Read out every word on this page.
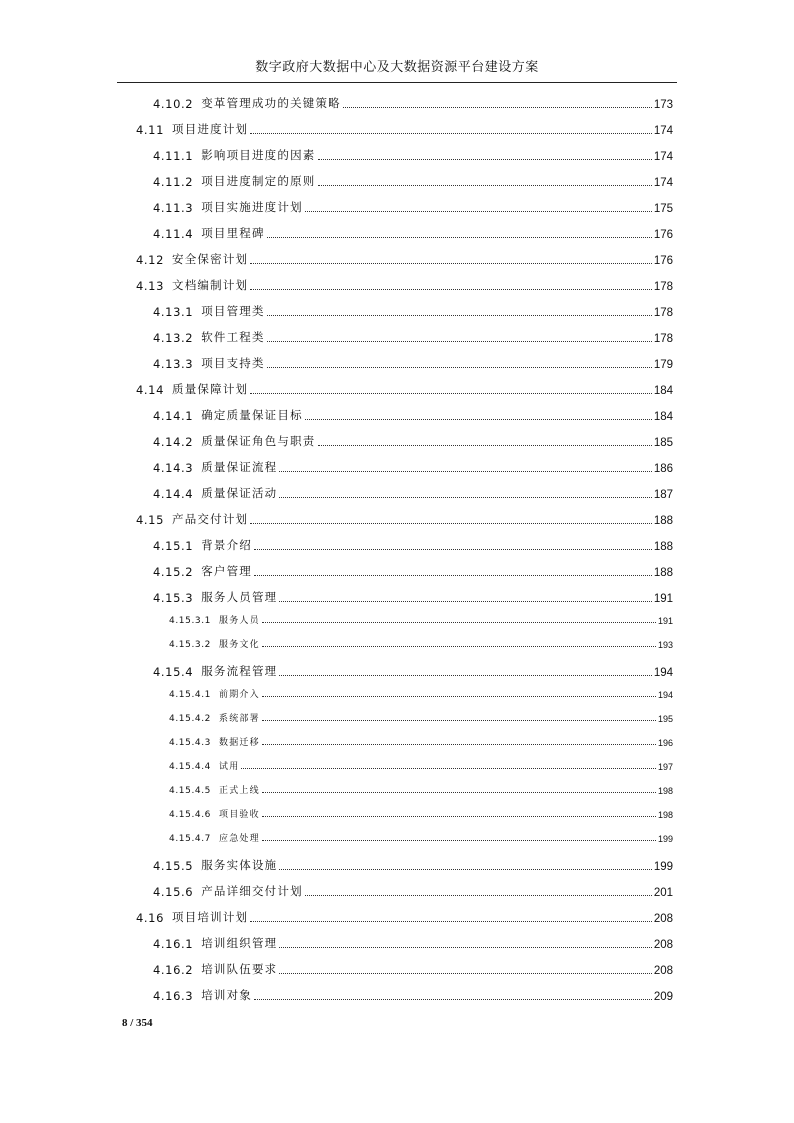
数字政府大数据中心及大数据资源平台建设方案
4.10.2 变革管理成功的关键策略	173
4.11 项目进度计划	174
4.11.1 影响项目进度的因素	174
4.11.2 项目进度制定的原则	174
4.11.3 项目实施进度计划	175
4.11.4 项目里程碑	176
4.12 安全保密计划	176
4.13 文档编制计划	178
4.13.1 项目管理类	178
4.13.2 软件工程类	178
4.13.3 项目支持类	179
4.14 质量保障计划	184
4.14.1 确定质量保证目标	184
4.14.2 质量保证角色与职责	185
4.14.3 质量保证流程	186
4.14.4 质量保证活动	187
4.15 产品交付计划	188
4.15.1 背景介绍	188
4.15.2 客户管理	188
4.15.3 服务人员管理	191
4.15.3.1 服务人员	191
4.15.3.2 服务文化	193
4.15.4 服务流程管理	194
4.15.4.1 前期介入	194
4.15.4.2 系统部署	195
4.15.4.3 数据迁移	196
4.15.4.4 试用	197
4.15.4.5 正式上线	198
4.15.4.6 项目验收	198
4.15.4.7 应急处理	199
4.15.5 服务实体设施	199
4.15.6 产品详细交付计划	201
4.16 项目培训计划	208
4.16.1 培训组织管理	208
4.16.2 培训队伍要求	208
4.16.3 培训对象	209
8 / 354
